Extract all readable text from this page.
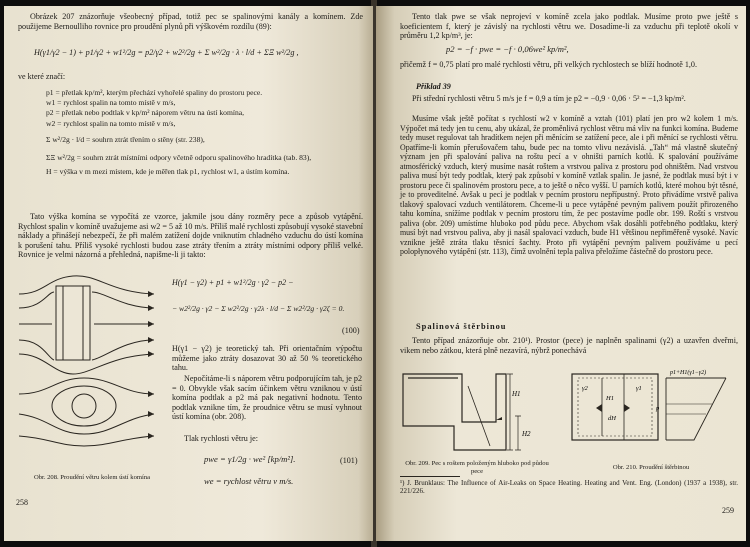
Obrázek 207 znázorňuje všeobecný případ, totiž pec se spalinovými kanály a komínem. Zde použijeme Bernoulliho rovnice pro proudění plynů při výškovém rozdílu (89):

H(γ1/γ2 − 1) + p1/γ2 + w1²/2g = p2/γ2 + w2²/2g + Σ w²/2g · λ · l/d + ΣΞ w²/2g ,
ve které značí:
p1 = přetlak kp/m², kterým přechází vyhořelé spaliny do prostoru pece.
w1 = rychlost spalin na tomto místě v m/s,
p2 = přetlak nebo podtlak v kp/m² náporem větru na ústí komína,
w2 = rychlost spalin na tomto místě v m/s,
Σ w²/2g · l/d = souhrn ztrát třením o stěny (str. 238),
ΣΞ w²/2g = souhrn ztrát místními odpory včetně odporu spalinového hradítka (tab. 83),
H = výška v m mezi místem, kde je měřen tlak p1, rychlost w1, a ústím komína.

Tato výška komína se vypočítá ze vzorce, jakmile jsou dány rozměry pece a způsob vytápění. Rychlost spalin v komíně uvažujeme asi w2 = 5 až 10 m/s. Příliš malé rychlosti způsobují vysoké stavební náklady a přinášejí nebezpečí, že při malém zatížení dojde vniknutím chladného vzduchu do ústí komína k porušení tahu. Příliš vysoké rychlosti budou zase ztráty třením a ztráty místními odpory příliš velké. Rovnice je velmi názorná a přehledná, napišme-li ji takto:

Obr. 208. Proudění větru kolem ústí komína
H(γ1 − γ2) + p1 + w1²/2g · γ2 − p2 −
− w2²/2g · γ2 − Σ w2²/2g · γ2λ · l/d − Σ w2²/2g · γ2ζ = 0.
(100)

H(γ1 − γ2) je teoretický tah. Při orientačním výpočtu můžeme jako ztráty dosazovat 30 až 50 % teoretického tahu.

Nepočítáme-li s náporem větru podporujícím tah, je p2 = 0. Obvykle však sacím účinkem větru vzniknou v ústí komína podtlak a p2 má pak negativní hodnotu. Tento podtlak vznikne tím, že proudnice větru se musí vyhnout ústí komína (obr. 208).

Tlak rychlosti větru je:
pwe = γ1/2g · we² [kp/m²].	(101)
we = rychlost větru v m/s.
258

Tento tlak pwe se však neprojeví v komíně zcela jako podtlak. Musíme proto pwe ještě s koeficientem f, který je závislý na rychlosti větru we. Dosadíme-li za vzduchu při teplotě okolí v průměru 1,2 kp/m³, je:

p2 = −f · pwe = −f · 0,06we² kp/m²,

přičemž f = 0,75 platí pro malé rychlosti větru, při velkých rychlostech se blíží hodnotě 1,0.

Příklad 39

Při střední rychlosti větru 5 m/s je f = 0,9 a tím je p2 = −0,9 · 0,06 · 5² = −1,3 kp/m².

Musíme však ještě počítat s rychlostí w2 v komíně a vztah (101) platí jen pro w2 kolem 1 m/s. Výpočet má tedy jen tu cenu, aby ukázal, že proměnlivá rychlost větru má vliv na funkci komína. Budeme tedy muset regulovat tah hradítkem nejen při měnícím se zatížení pece, ale i při měnící se rychlosti větru. Opatříme-li komín přerušovačem tahu, bude pec na tomto vlivu nezávislá. „Tah“ má vlastně skutečný význam jen při spalování paliva na roštu pecí a v ohništi parních kotlů. K spalování používáme atmosférický vzduch, který musíme nasát roštem a vrstvou paliva z prostoru pod ohništěm. Nad vrstvou paliva musí být tedy podtlak, který pak způsobí v komíně vztlak spalin. Je jasné, že podtlak musí být i v prostoru pece či spalinovém prostoru pece, a to ještě o něco vyšší. U parních kotlů, které mohou být těsné, je to proveditelné. Avšak u pecí je podtlak v pecním prostoru nepřípustný. Proto přivádíme vrstvě paliva tlakový spalovací vzduch ventilátorem. Chceme-li u pece vytápěné pevným palivem použít přirozeného tahu komína, snížíme podtlak v pecním prostoru tím, že pec postavíme podle obr. 199. Roští s vrstvou paliva (obr. 209) umístíme hluboko pod půdu pece. Abychom však dosáhli potřebného podtlaku, který musí být nad vrstvou paliva, aby ji nasál spalovací vzduch, bude H1 většinou nepřiměřeně vysoké. Navíc vznikne ještě ztráta tlaku těsnicí šachty. Proto při vytápění pevným palivem používáme u pecí polopłynového vytápění (str. 113), čímž uvolnění tepla paliva přeložíme částečně do prostoru pece.

Spalinová štěrbinou

Tento případ znázorňuje obr. 210¹). Prostor (pece) je naplněn spalinami (γ2) a uzavřen dveřmi, vikem nebo zátkou, která plně nezavírá, nýbrž ponechává

H1
H2
Obr. 209. Pec s roštem položeným hluboko pod půdou pece
γ1
γ2
H1
dH
p1+H1(γ1−γ2)
p
Obr. 210. Proudění štěrbinou

¹) J. Brunklaus: The Influence of Air-Leaks on Space Heating. Heating and Vent. Eng. (London) (1937 a 1938), str. 221/226.

259
